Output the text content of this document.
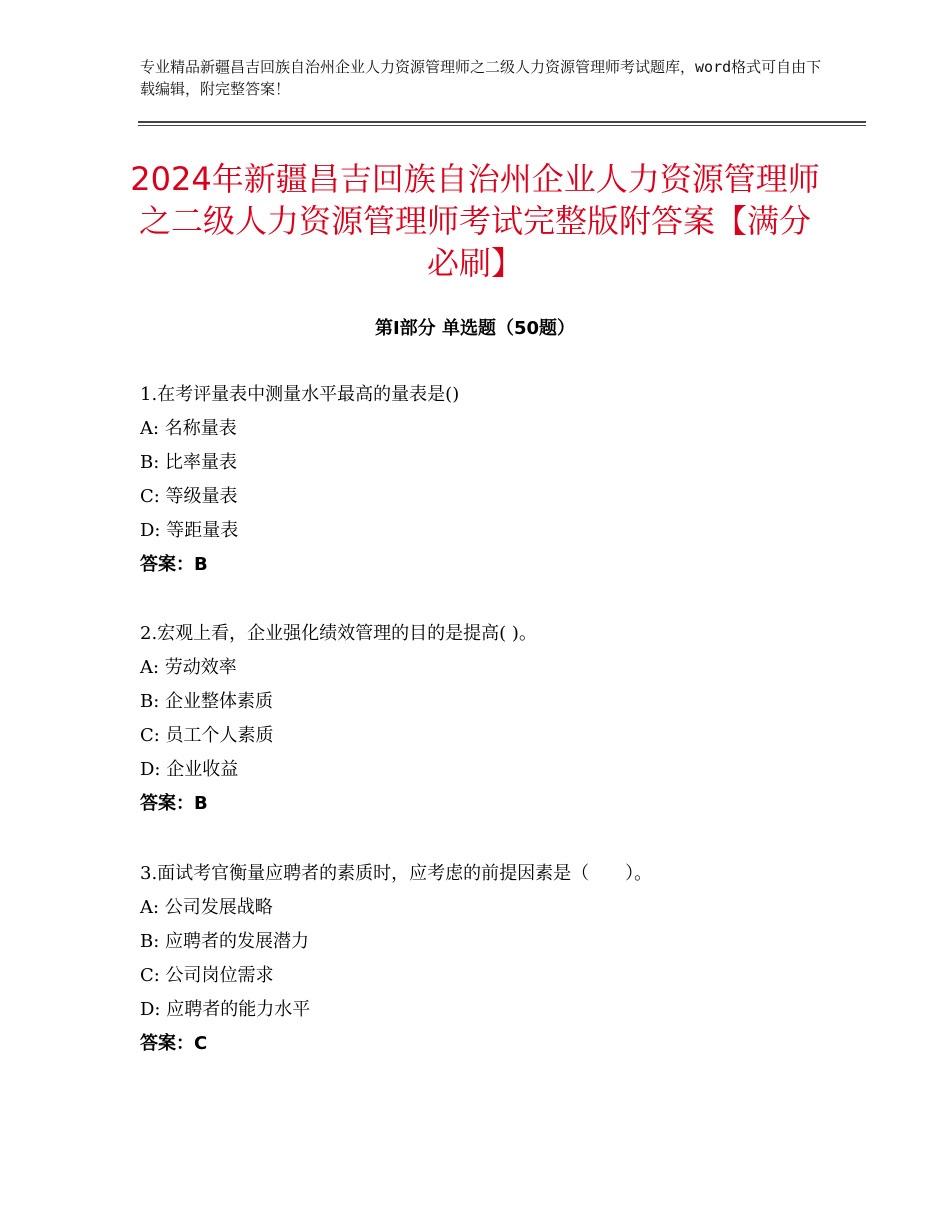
专业精品新疆昌吉回族自治州企业人力资源管理师之二级人力资源管理师考试题库，word格式可自由下载编辑，附完整答案！
2024年新疆昌吉回族自治州企业人力资源管理师之二级人力资源管理师考试完整版附答案【满分必刷】
第Ⅰ部分 单选题（50题）
1.在考评量表中测量水平最高的量表是()
A: 名称量表
B: 比率量表
C: 等级量表
D: 等距量表
答案：B
2.宏观上看，企业强化绩效管理的目的是提高( )。
A: 劳动效率
B: 企业整体素质
C: 员工个人素质
D: 企业收益
答案：B
3.面试考官衡量应聘者的素质时，应考虑的前提因素是（　　）。
A: 公司发展战略
B: 应聘者的发展潜力
C: 公司岗位需求
D: 应聘者的能力水平
答案：C
